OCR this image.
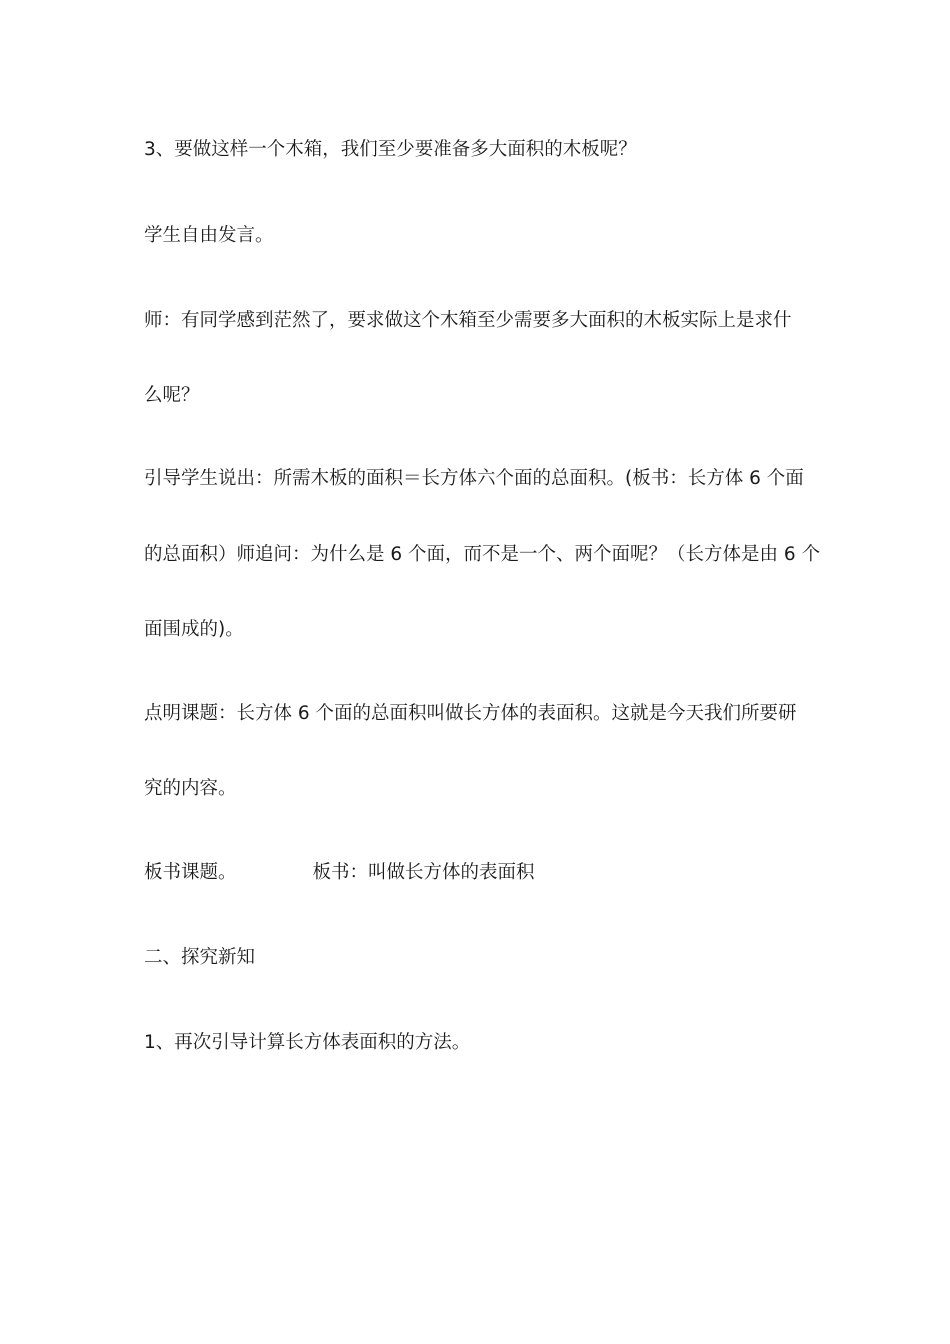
3、要做这样一个木箱，我们至少要准备多大面积的木板呢？
学生自由发言。
师：有同学感到茫然了，要求做这个木箱至少需要多大面积的木板实际上是求什
么呢？
引导学生说出：所需木板的面积＝长方体六个面的总面积。(板书：长方体 6 个面
的总面积）师追问：为什么是 6 个面，而不是一个、两个面呢？（长方体是由 6 个
面围成的)。
点明课题：长方体 6 个面的总面积叫做长方体的表面积。这就是今天我们所要研
究的内容。
板书课题。	板书：叫做长方体的表面积
二、探究新知
1、再次引导计算长方体表面积的方法。
